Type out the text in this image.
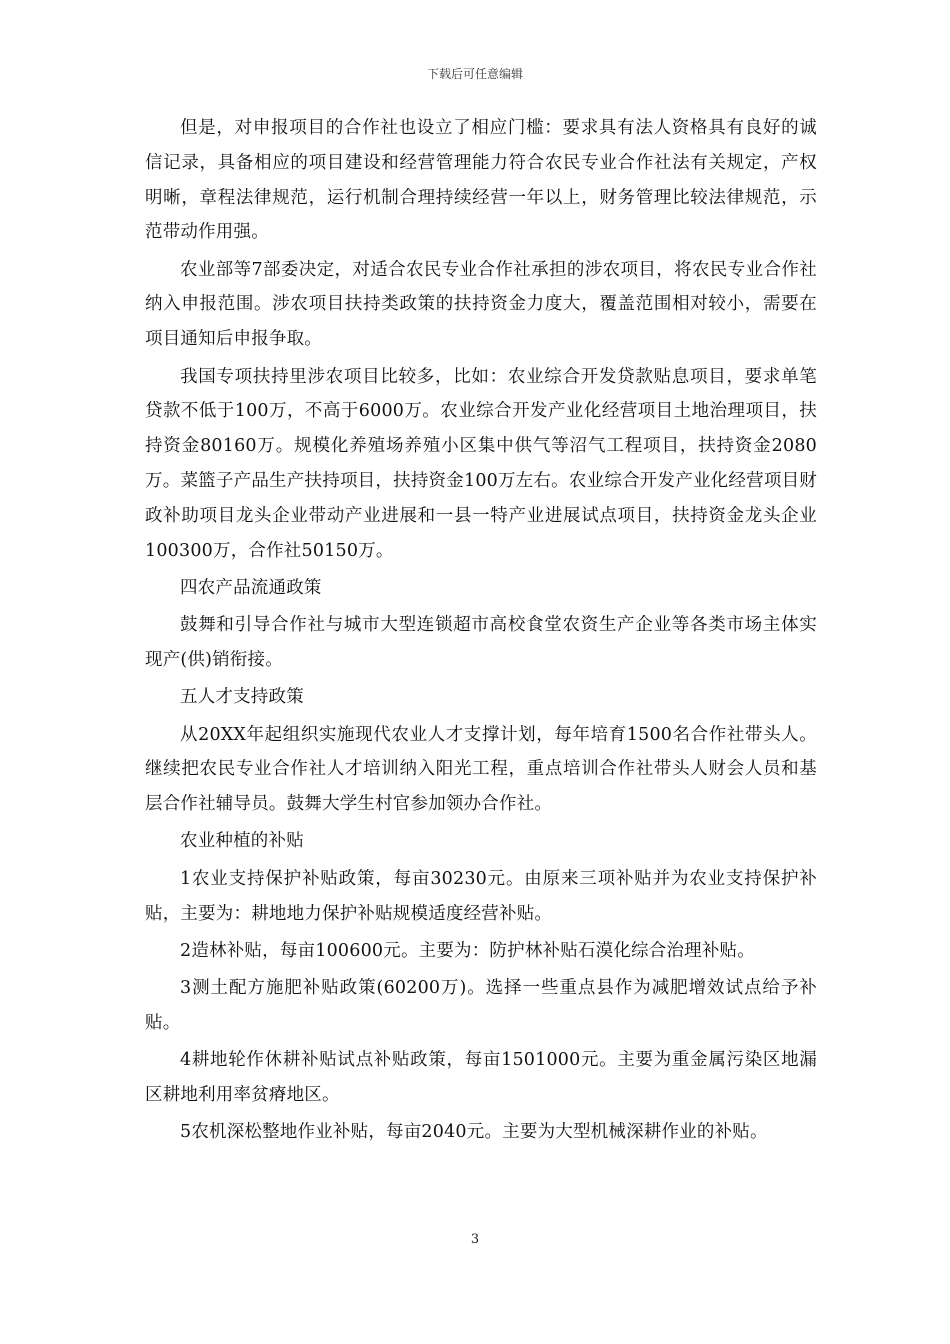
下载后可任意编辑

但是，对申报项目的合作社也设立了相应门槛：要求具有法人资格具有良好的诚信记录，具备相应的项目建设和经营管理能力符合农民专业合作社法有关规定，产权明晰，章程法律规范，运行机制合理持续经营一年以上，财务管理比较法律规范，示范带动作用强。

农业部等7部委决定，对适合农民专业合作社承担的涉农项目，将农民专业合作社纳入申报范围。涉农项目扶持类政策的扶持资金力度大，覆盖范围相对较小，需要在项目通知后申报争取。

我国专项扶持里涉农项目比较多，比如：农业综合开发贷款贴息项目，要求单笔贷款不低于100万，不高于6000万。农业综合开发产业化经营项目土地治理项目，扶持资金80160万。规模化养殖场养殖小区集中供气等沼气工程项目，扶持资金2080万。菜篮子产品生产扶持项目，扶持资金100万左右。农业综合开发产业化经营项目财政补助项目龙头企业带动产业进展和一县一特产业进展试点项目，扶持资金龙头企业100300万，合作社50150万。

四农产品流通政策

鼓舞和引导合作社与城市大型连锁超市高校食堂农资生产企业等各类市场主体实现产(供)销衔接。

五人才支持政策

从20XX年起组织实施现代农业人才支撑计划，每年培育1500名合作社带头人。继续把农民专业合作社人才培训纳入阳光工程，重点培训合作社带头人财会人员和基层合作社辅导员。鼓舞大学生村官参加领办合作社。

农业种植的补贴

1农业支持保护补贴政策，每亩30230元。由原来三项补贴并为农业支持保护补贴，主要为：耕地地力保护补贴规模适度经营补贴。

2造林补贴，每亩100600元。主要为：防护林补贴石漠化综合治理补贴。

3测土配方施肥补贴政策(60200万)。选择一些重点县作为减肥增效试点给予补贴。

4耕地轮作休耕补贴试点补贴政策，每亩1501000元。主要为重金属污染区地漏区耕地利用率贫瘠地区。

5农机深松整地作业补贴，每亩2040元。主要为大型机械深耕作业的补贴。

3
